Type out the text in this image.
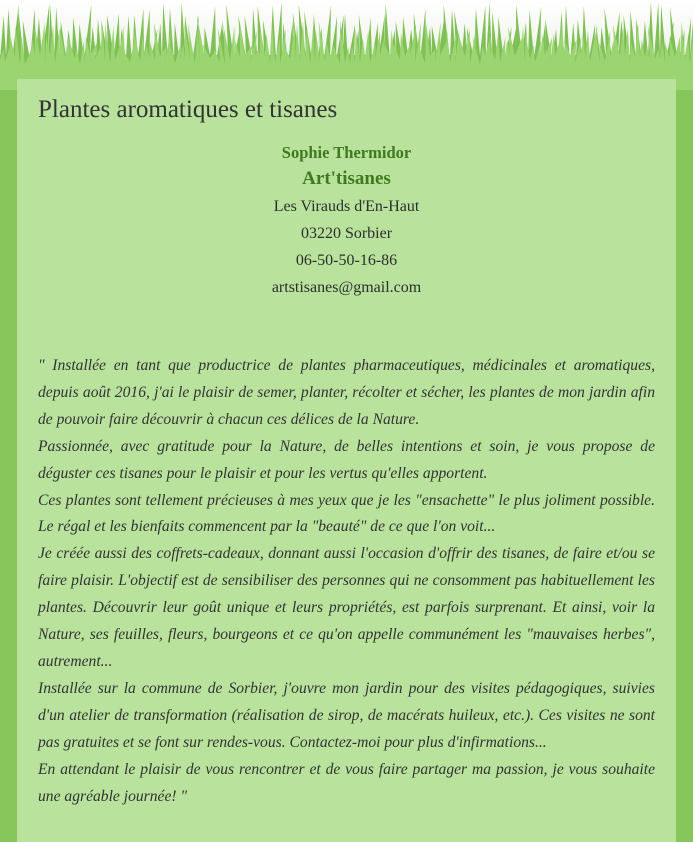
Plantes aromatiques et tisanes
Sophie Thermidor
Art'tisanes
Les Virauds d'En-Haut
03220 Sorbier
06-50-50-16-86
artstisanes@gmail.com

" Installée en tant que productrice de plantes pharmaceutiques, médicinales et aromatiques, depuis août 2016, j'ai le plaisir de semer, planter, récolter et sécher, les plantes de mon jardin afin de pouvoir faire découvrir à chacun ces délices de la Nature.

Passionnée, avec gratitude pour la Nature, de belles intentions et soin, je vous propose de déguster ces tisanes pour le plaisir et pour les vertus qu'elles apportent.

Ces plantes sont tellement précieuses à mes yeux que je les "ensachette" le plus joliment possible. Le régal et les bienfaits commencent par la "beauté" de ce que l'on voit...

Je créée aussi des coffrets-cadeaux, donnant aussi l'occasion d'offrir des tisanes, de faire et/ou se faire plaisir. L'objectif est de sensibiliser des personnes qui ne consomment pas habituellement les plantes. Découvrir leur goût unique et leurs propriétés, est parfois surprenant. Et ainsi, voir la Nature, ses feuilles, fleurs, bourgeons et ce qu'on appelle communément les "mauvaises herbes", autrement...

Installée sur la commune de Sorbier, j'ouvre mon jardin pour des visites pédagogiques, suivies d'un atelier de transformation (réalisation de sirop, de macérats huileux, etc.). Ces visites ne sont pas gratuites et se font sur rendes-vous. Contactez-moi pour plus d'infirmations...

En attendant le plaisir de vous rencontrer et de vous faire partager ma passion, je vous souhaite une agréable journée! "
